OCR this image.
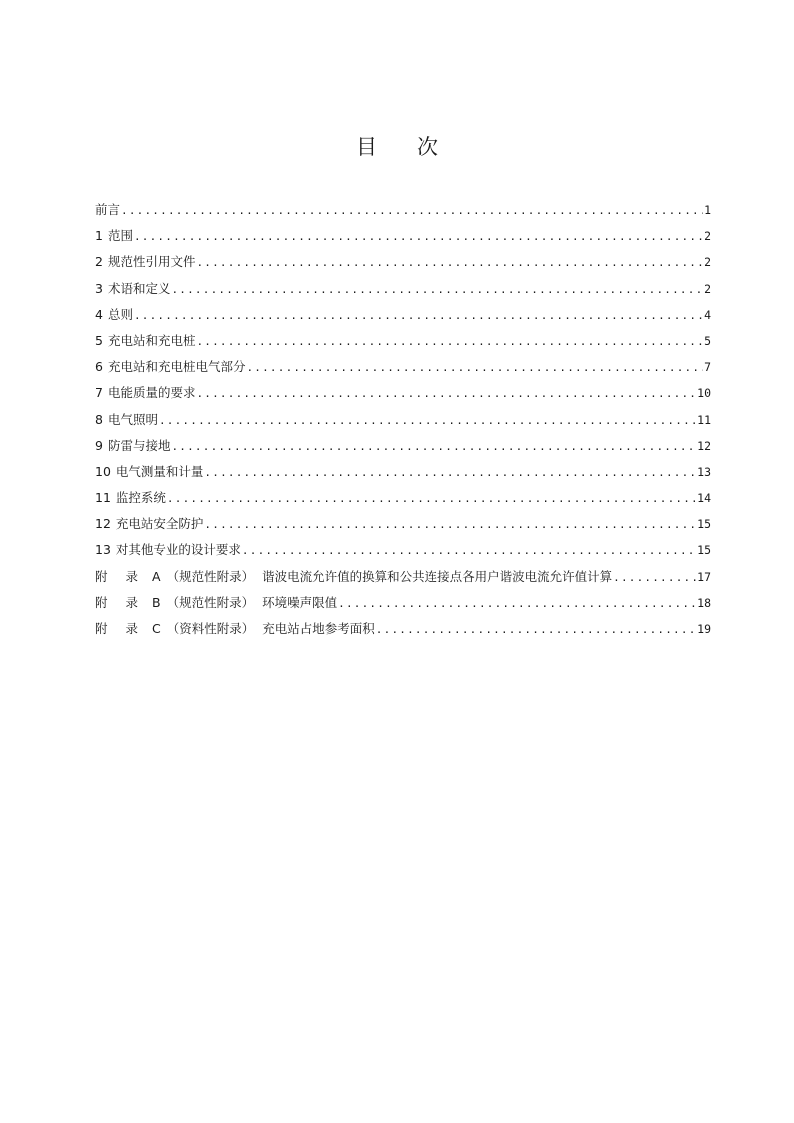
目 次
前言 .....	1
1 范围 .....	2
2 规范性引用文件 .....	2
3 术语和定义 .....	2
4 总则 .....	4
5 充电站和充电桩 .....	5
6 充电站和充电桩电气部分 .....	7
7 电能质量的要求 .....	10
8 电气照明 .....	11
9 防雷与接地 .....	12
10 电气测量和计量 .....	13
11 监控系统 .....	14
12 充电站安全防护 .....	15
13 对其他专业的设计要求 .....	15
附 录 A （规范性附录） 谐波电流允许值的换算和公共连接点各用户谐波电流允许值计算 .....	17
附 录 B （规范性附录） 环境噪声限值 .....	18
附 录 C （资料性附录） 充电站占地参考面积 .....	19
